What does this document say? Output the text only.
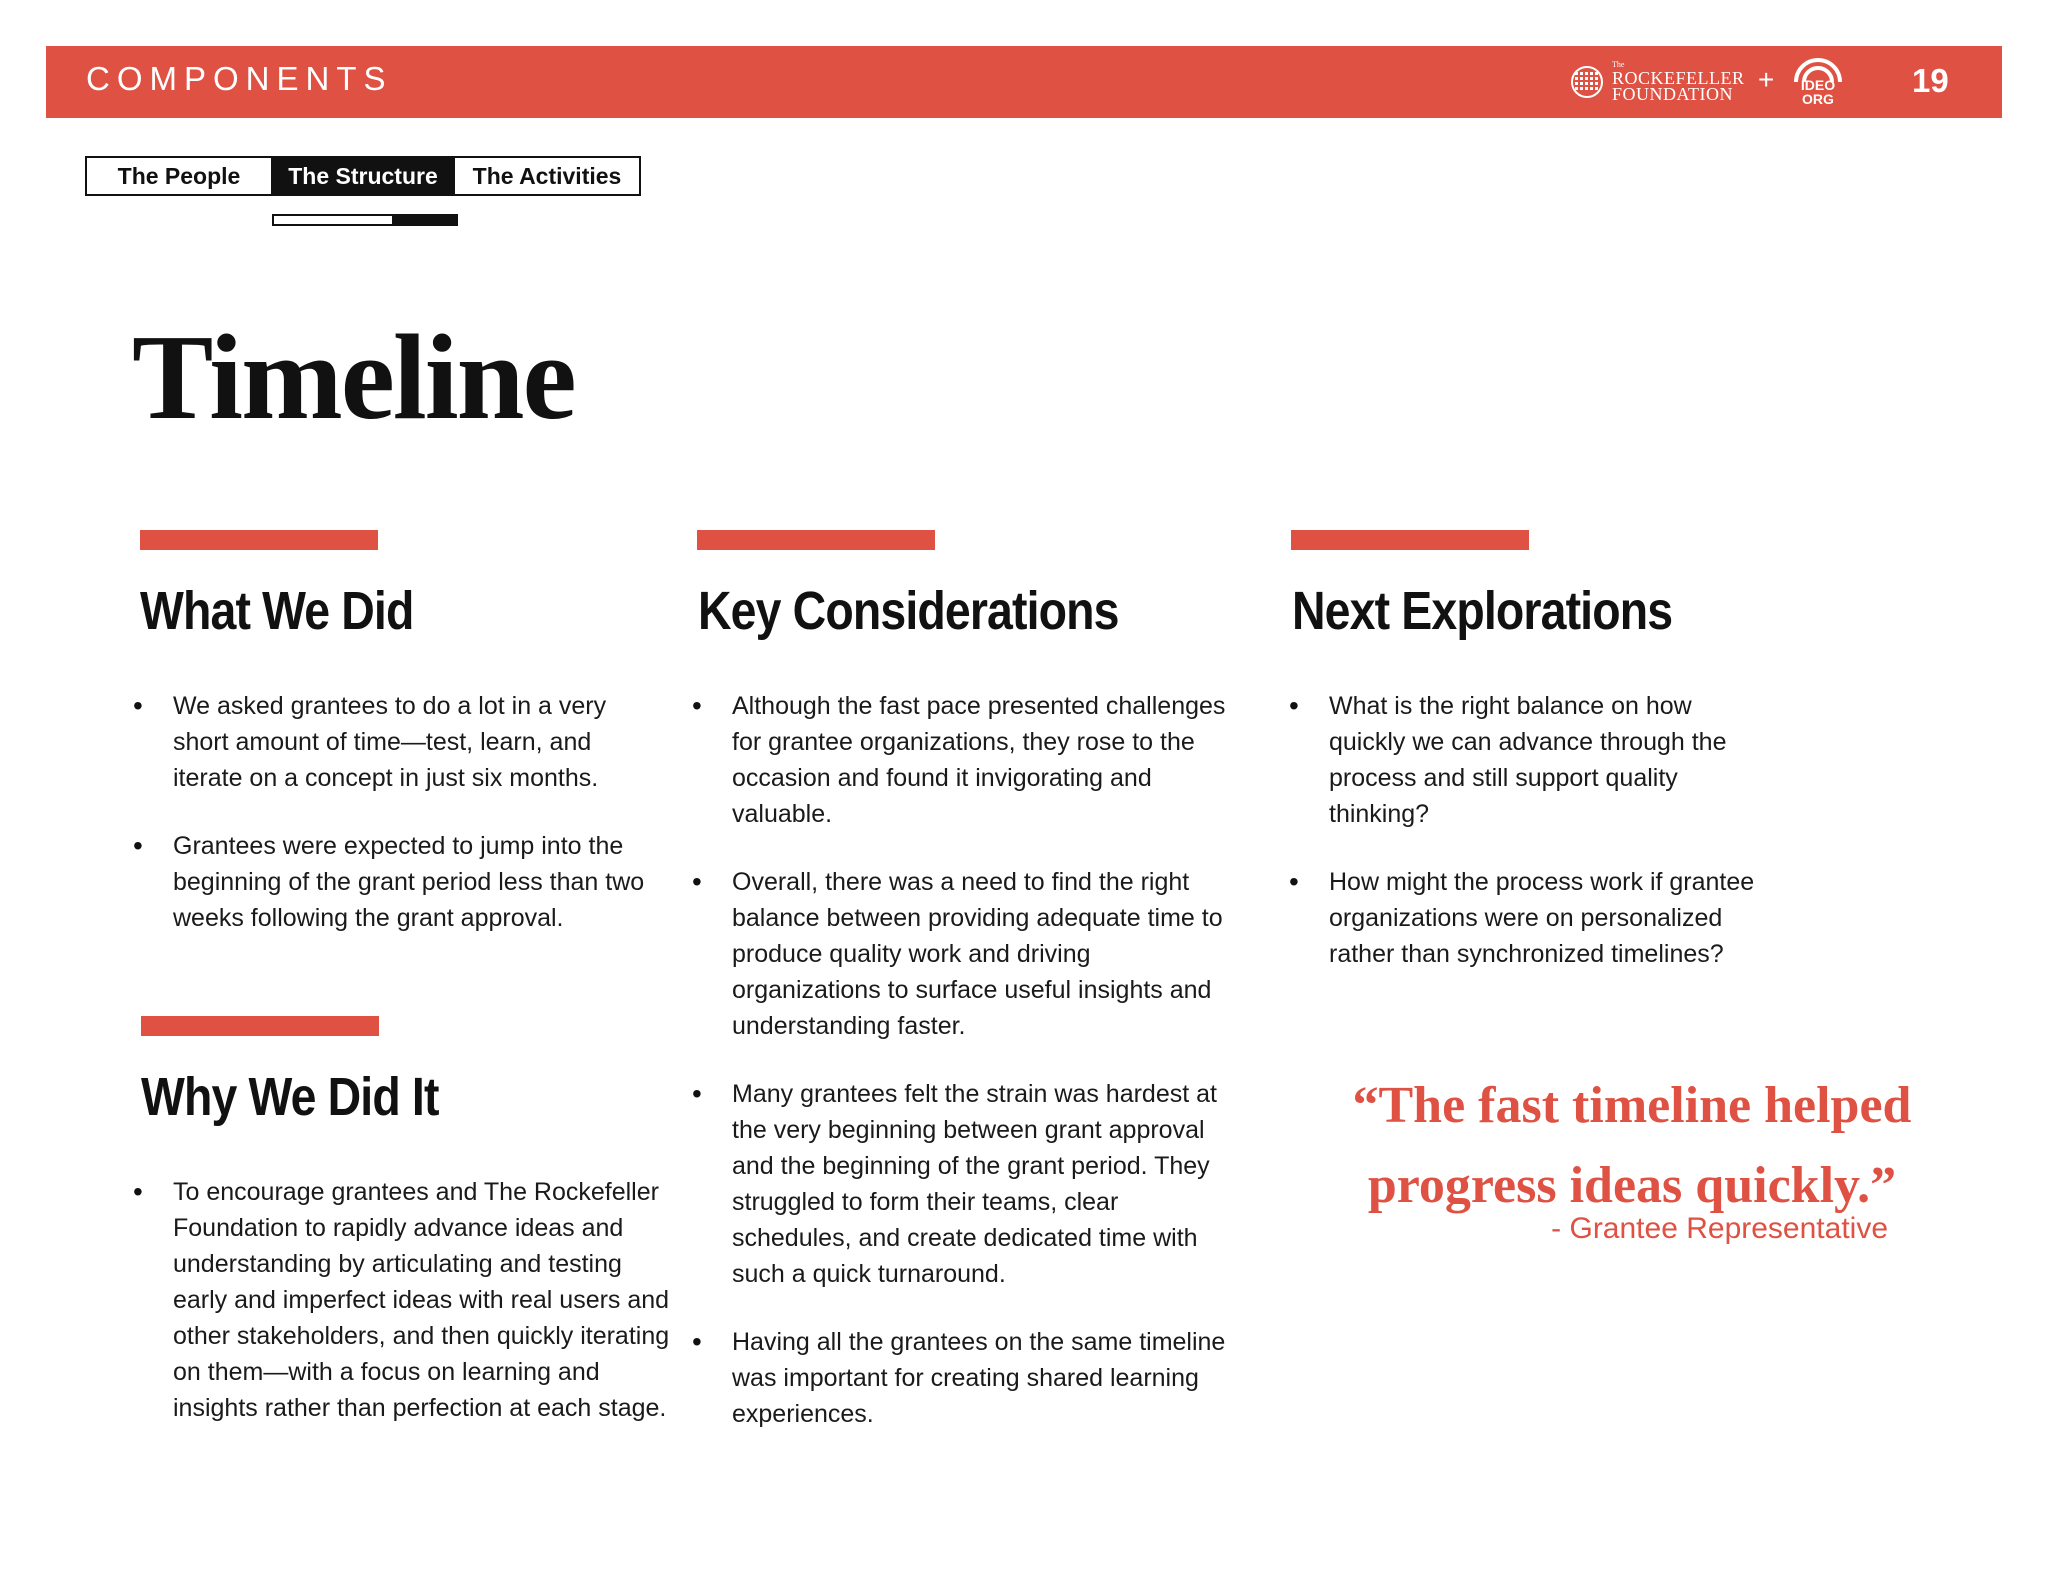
COMPONENTS	The
ROCKEFELLER
FOUNDATION + IDEO
ORG 19
The People	The Structure	The Activities
Timeline
What We Did
• We asked grantees to do a lot in a very short amount of time—test, learn, and iterate on a concept in just six months.
• Grantees were expected to jump into the beginning of the grant period less than two weeks following the grant approval.
Why We Did It
• To encourage grantees and The Rockefeller Foundation to rapidly advance ideas and understanding by articulating and testing early and imperfect ideas with real users and other stakeholders, and then quickly iterating on them—with a focus on learning and insights rather than perfection at each stage.
Key Considerations
• Although the fast pace presented challenges for grantee organizations, they rose to the occasion and found it invigorating and valuable.
• Overall, there was a need to find the right balance between providing adequate time to produce quality work and driving organizations to surface useful insights and understanding faster.
• Many grantees felt the strain was hardest at the very beginning between grant approval and the beginning of the grant period. They struggled to form their teams, clear schedules, and create dedicated time with such a quick turnaround.
• Having all the grantees on the same timeline was important for creating shared learning experiences.
Next Explorations
• What is the right balance on how quickly we can advance through the process and still support quality thinking?
• How might the process work if grantee organizations were on personalized rather than synchronized timelines?
“The fast timeline helped progress ideas quickly.”
- Grantee Representative
